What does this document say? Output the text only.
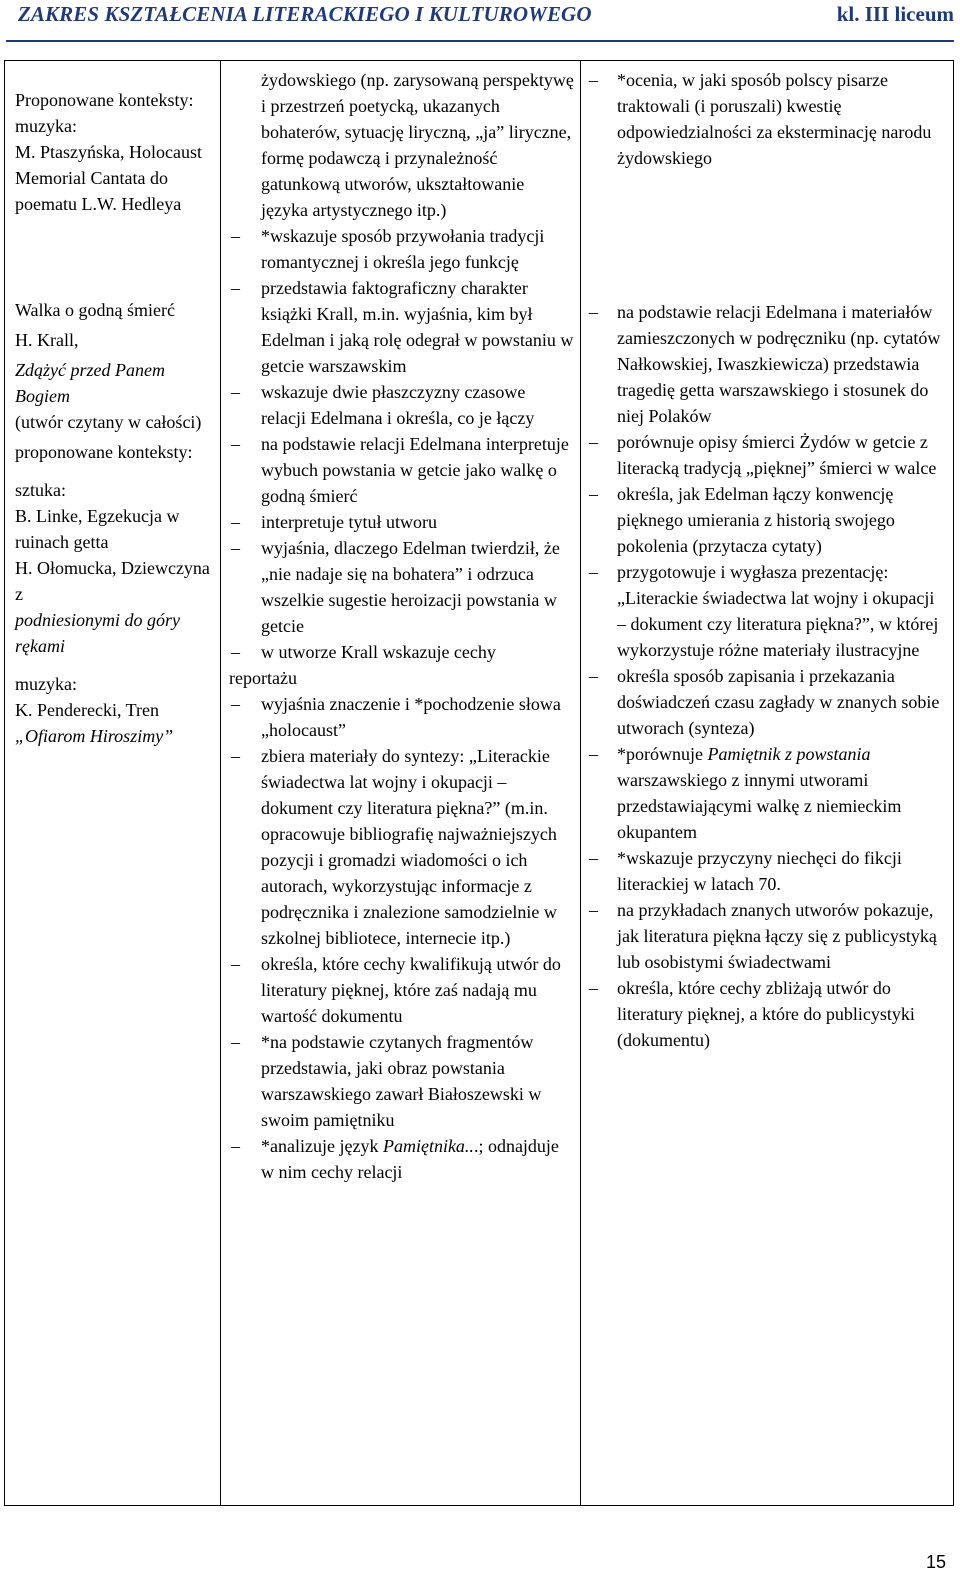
ZAKRES KSZTAŁCENIA LITERACKIEGO I KULTUROWEGO	kl. III liceum

Proponowane konteksty:

muzyka:

M. Ptaszyńska, Holocaust Memorial Cantata do poematu L.W. Hedleya

Walka o godną śmierć

H. Krall,

Zdążyć przed Panem Bogiem

(utwór czytany w całości)

proponowane konteksty:

sztuka:

B. Linke, Egzekucja w ruinach getta

H. Ołomucka, Dziewczyna z

podniesionymi do góry rękami

muzyka:

K. Penderecki, Tren

„Ofiarom Hiroszimy”

żydowskiego (np. zarysowaną perspektywę i przestrzeń poetycką, ukazanych bohaterów, sytuację liryczną, „ja” liryczne, formę podawczą i przynależność gatunkową utworów, ukształtowanie języka artystycznego itp.)

– *wskazuje sposób przywołania tradycji romantycznej i określa jego funkcję

– przedstawia faktograficzny charakter książki Krall, m.in. wyjaśnia, kim był Edelman i jaką rolę odegrał w powstaniu w getcie warszawskim

– wskazuje dwie płaszczyzny czasowe relacji Edelmana i określa, co je łączy

– na podstawie relacji Edelmana interpretuje wybuch powstania w getcie jako walkę o godną śmierć

– interpretuje tytuł utworu

– wyjaśnia, dlaczego Edelman twierdził, że „nie nadaje się na bohatera” i odrzuca wszelkie sugestie heroizacji powstania w getcie

– w utworze Krall wskazuje cechy

reportażu

– wyjaśnia znaczenie i *pochodzenie słowa „holocaust”

– zbiera materiały do syntezy: „Literackie świadectwa lat wojny i okupacji – dokument czy literatura piękna?” (m.in. opracowuje bibliografię najważniejszych pozycji i gromadzi wiadomości o ich autorach, wykorzystując informacje z podręcznika i znalezione samodzielnie w szkolnej bibliotece, internecie itp.)

– określa, które cechy kwalifikują utwór do literatury pięknej, które zaś nadają mu wartość dokumentu

– *na podstawie czytanych fragmentów przedstawia, jaki obraz powstania warszawskiego zawarł Białoszewski w swoim pamiętniku

– *analizuje język Pamiętnika...; odnajduje w nim cechy relacji

– *ocenia, w jaki sposób polscy pisarze traktowali (i poruszali) kwestię odpowiedzialności za eksterminację narodu żydowskiego

– na podstawie relacji Edelmana i materiałów zamieszczonych w podręczniku (np. cytatów Nałkowskiej, Iwaszkiewicza) przedstawia tragedię getta warszawskiego i stosunek do niej Polaków

– porównuje opisy śmierci Żydów w getcie z literacką tradycją „pięknej” śmierci w walce

– określa, jak Edelman łączy konwencję pięknego umierania z historią swojego pokolenia (przytacza cytaty)

– przygotowuje i wygłasza prezentację: „Literackie świadectwa lat wojny i okupacji – dokument czy literatura piękna?”, w której wykorzystuje różne materiały ilustracyjne

– określa sposób zapisania i przekazania doświadczeń czasu zagłady w znanych sobie utworach (synteza)

– *porównuje Pamiętnik z powstania warszawskiego z innymi utworami przedstawiającymi walkę z niemieckim okupantem

– *wskazuje przyczyny niechęci do fikcji literackiej w latach 70.

– na przykładach znanych utworów pokazuje, jak literatura piękna łączy się z publicystyką lub osobistymi świadectwami

– określa, które cechy zbliżają utwór do literatury pięknej, a które do publicystyki (dokumentu)

15
